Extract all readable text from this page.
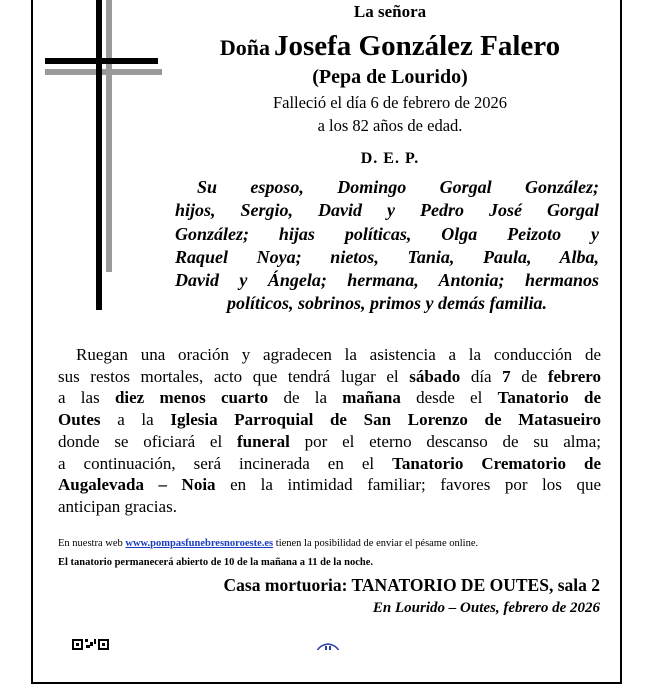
La señora
Doña Josefa González Falero
(Pepa de Lourido)
Falleció el día 6 de febrero de 2026
a los 82 años de edad.
D. E. P.
Su esposo, Domingo Gorgal González;
hijos, Sergio, David y Pedro José Gorgal
González; hijas políticas, Olga Peizoto y
Raquel Noya; nietos, Tania, Paula, Alba,
David y Ángela; hermana, Antonia; hermanos
políticos, sobrinos, primos y demás familia.
Ruegan una oración y agradecen la asistencia a la conducción de
sus restos mortales, acto que tendrá lugar el sábado día 7 de febrero
a las diez menos cuarto de la mañana desde el Tanatorio de
Outes a la Iglesia Parroquial de San Lorenzo de Matasueiro
donde se oficiará el funeral por el eterno descanso de su alma;
a continuación, será incinerada en el Tanatorio Crematorio de
Augalevada – Noia en la intimidad familiar; favores por los que
anticipan gracias.
En nuestra web www.pompasfunebresnoroeste.es tienen la posibilidad de enviar el pésame online.
El tanatorio permanecerá abierto de 10 de la mañana a 11 de la noche.
Casa mortuoria: TANATORIO DE OUTES, sala 2
En Lourido – Outes, febrero de 2026
